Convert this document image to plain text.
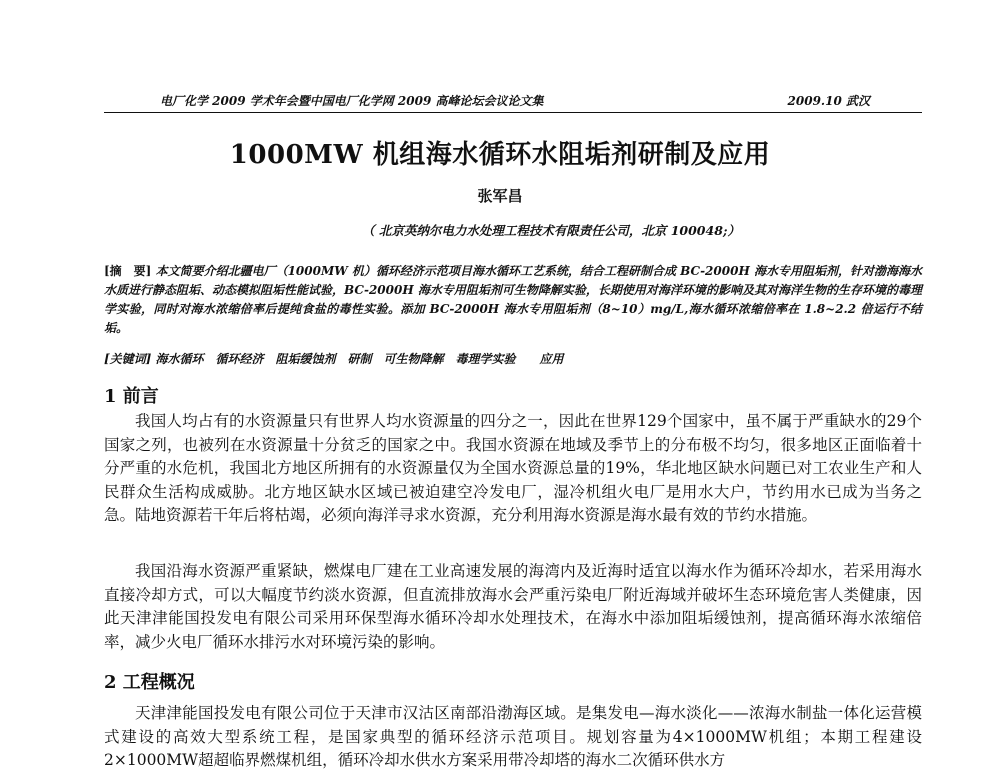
电厂化学 2009 学术年会暨中国电厂化学网 2009 高峰论坛会议论文集	2009.10 武汉
1000MW 机组海水循环水阻垢剂研制及应用
张军昌
（ 北京英纳尔电力水处理工程技术有限责任公司，北京 100048;）
[摘　要] 本文简要介绍北疆电厂（1000MW 机）循环经济示范项目海水循环工艺系统，结合工程研制合成 BC-2000H 海水专用阻垢剂，针对渤海海水水质进行静态阻垢、动态模拟阻垢性能试验，BC-2000H 海水专用阻垢剂可生物降解实验，长期使用对海洋环境的影响及其对海洋生物的生存环境的毒理学实验，同时对海水浓缩倍率后提纯食盐的毒性实验。添加 BC-2000H 海水专用阻垢剂（8~10）mg/L,海水循环浓缩倍率在 1.8~2.2 倍运行不结垢。
[关键词] 海水循环　循环经济　阻垢缓蚀剂　研制　可生物降解　毒理学实验　　应用
1 前言
我国人均占有的水资源量只有世界人均水资源量的四分之一，因此在世界129个国家中，虽不属于严重缺水的29个国家之列，也被列在水资源量十分贫乏的国家之中。我国水资源在地域及季节上的分布极不均匀，很多地区正面临着十分严重的水危机，我国北方地区所拥有的水资源量仅为全国水资源总量的19%，华北地区缺水问题已对工农业生产和人民群众生活构成威胁。北方地区缺水区域已被迫建空冷发电厂，湿冷机组火电厂是用水大户，节约用水已成为当务之急。陆地资源若干年后将枯竭，必须向海洋寻求水资源，充分利用海水资源是海水最有效的节约水措施。
我国沿海水资源严重紧缺，燃煤电厂建在工业高速发展的海湾内及近海时适宜以海水作为循环冷却水，若采用海水直接冷却方式，可以大幅度节约淡水资源，但直流排放海水会严重污染电厂附近海域并破坏生态环境危害人类健康，因此天津津能国投发电有限公司采用环保型海水循环冷却水处理技术，在海水中添加阻垢缓蚀剂，提高循环海水浓缩倍率，减少火电厂循环水排污水对环境污染的影响。
2 工程概况
天津津能国投发电有限公司位于天津市汉沽区南部沿渤海区域。是集发电—海水淡化——浓海水制盐一体化运营模式建设的高效大型系统工程，是国家典型的循环经济示范项目。规划容量为4×1000MW机组；本期工程建设2×1000MW超超临界燃煤机组，循环冷却水供水方案采用带冷却塔的海水二次循环供水方
